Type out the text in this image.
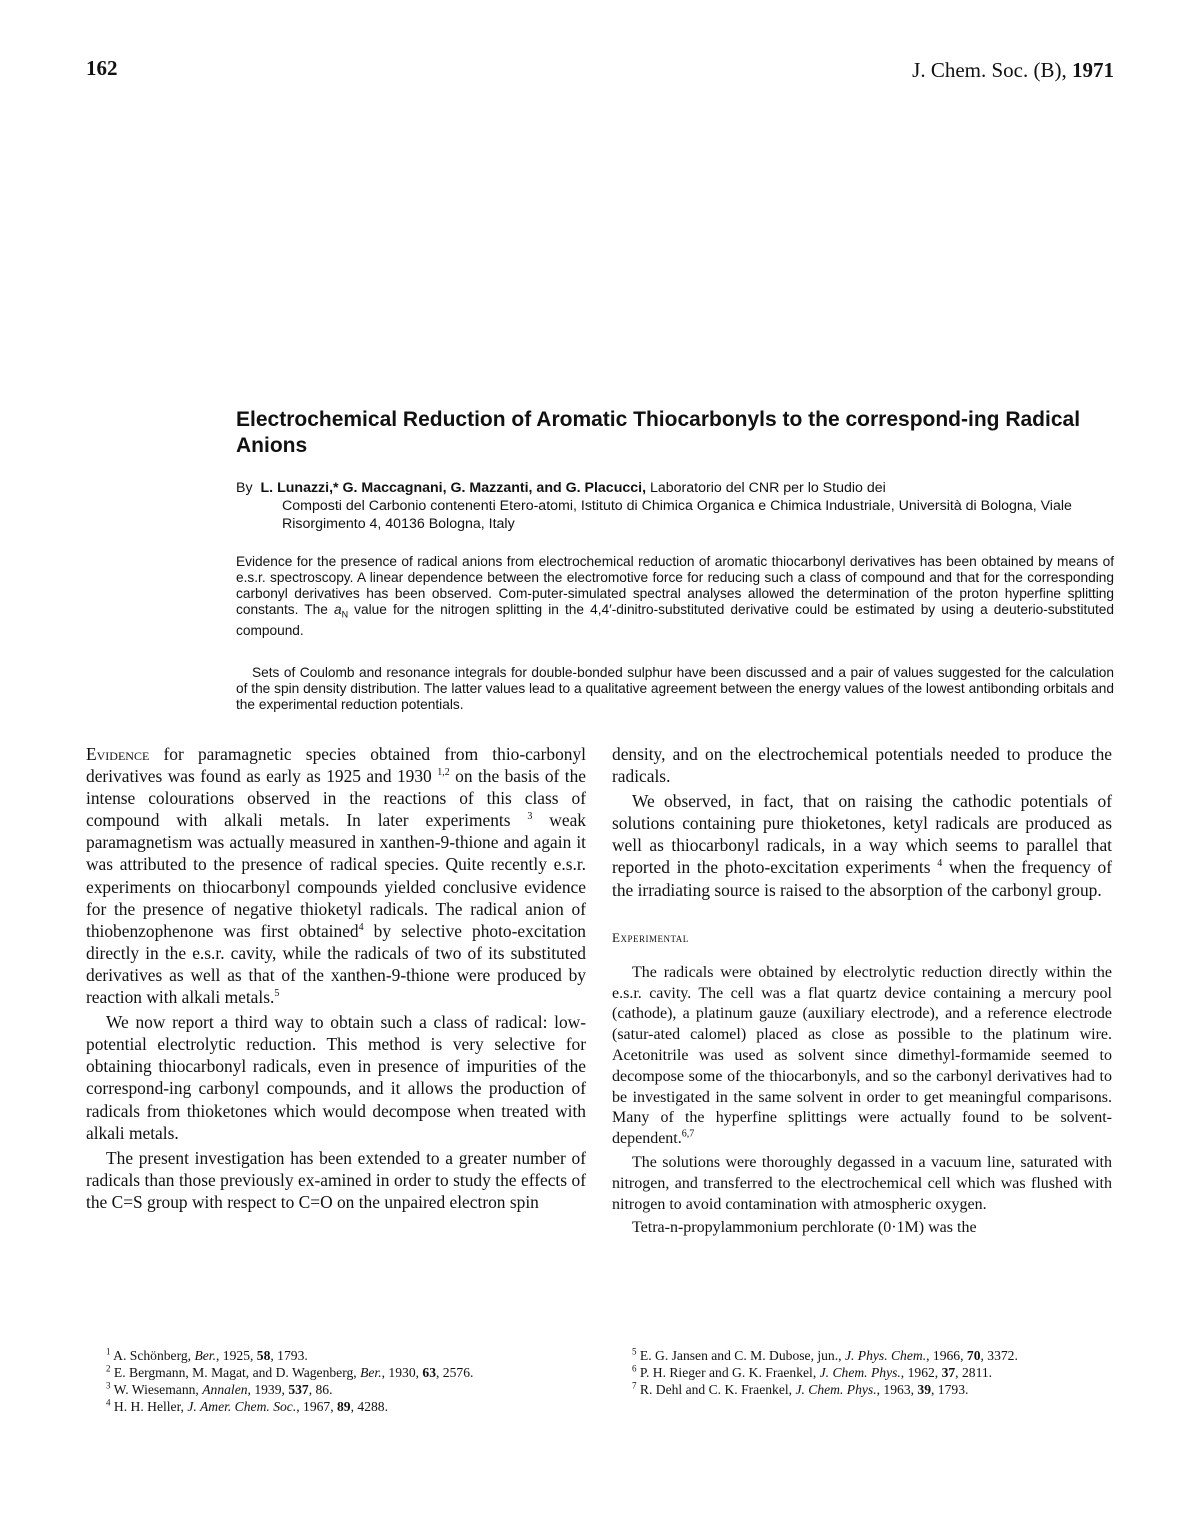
162	J. Chem. Soc. (B), 1971
Electrochemical Reduction of Aromatic Thiocarbonyls to the correspond-ing Radical Anions
By L. Lunazzi,* G. Maccagnani, G. Mazzanti, and G. Placucci, Laboratorio del CNR per lo Studio dei
Composti del Carbonio contenenti Etero-atomi, Istituto di Chimica Organica e Chimica Industriale, Università di Bologna, Viale Risorgimento 4, 40136 Bologna, Italy
Evidence for the presence of radical anions from electrochemical reduction of aromatic thiocarbonyl derivatives has been obtained by means of e.s.r. spectroscopy. A linear dependence between the electromotive force for reducing such a class of compound and that for the corresponding carbonyl derivatives has been observed. Com-puter-simulated spectral analyses allowed the determination of the proton hyperfine splitting constants. The $a_N$ value for the nitrogen splitting in the 4,4′-dinitro-substituted derivative could be estimated by using a deuterio-substituted compound.
Sets of Coulomb and resonance integrals for double-bonded sulphur have been discussed and a pair of values suggested for the calculation of the spin density distribution. The latter values lead to a qualitative agreement between the energy values of the lowest antibonding orbitals and the experimental reduction potentials.

Evidence for paramagnetic species obtained from thio-carbonyl derivatives was found as early as 1925 and 1930 $^{1,2}$ on the basis of the intense colourations observed in the reactions of this class of compound with alkali metals. In later experiments $^3$ weak paramagnetism was actually measured in xanthen-9-thione and again it was attributed to the presence of radical species. Quite recently e.s.r. experiments on thiocarbonyl compounds yielded conclusive evidence for the presence of negative thioketyl radicals. The radical anion of thiobenzophenone was first obtained$^4$ by selective photo-excitation directly in the e.s.r. cavity, while the radicals of two of its substituted derivatives as well as that of the xanthen-9-thione were produced by reaction with alkali metals.$^5$

We now report a third way to obtain such a class of radical: low-potential electrolytic reduction. This method is very selective for obtaining thiocarbonyl radicals, even in presence of impurities of the correspond-ing carbonyl compounds, and it allows the production of radicals from thioketones which would decompose when treated with alkali metals.

The present investigation has been extended to a greater number of radicals than those previously ex-amined in order to study the effects of the C=S group with respect to C=O on the unpaired electron spin

density, and on the electrochemical potentials needed to produce the radicals.

We observed, in fact, that on raising the cathodic potentials of solutions containing pure thioketones, ketyl radicals are produced as well as thiocarbonyl radicals, in a way which seems to parallel that reported in the photo-excitation experiments $^4$ when the frequency of the irradiating source is raised to the absorption of the carbonyl group.

Experimental

The radicals were obtained by electrolytic reduction directly within the e.s.r. cavity. The cell was a flat quartz device containing a mercury pool (cathode), a platinum gauze (auxiliary electrode), and a reference electrode (satur-ated calomel) placed as close as possible to the platinum wire. Acetonitrile was used as solvent since dimethyl-formamide seemed to decompose some of the thiocarbonyls, and so the carbonyl derivatives had to be investigated in the same solvent in order to get meaningful comparisons. Many of the hyperfine splittings were actually found to be solvent-dependent.$^{6,7}$

The solutions were thoroughly degassed in a vacuum line, saturated with nitrogen, and transferred to the electrochemical cell which was flushed with nitrogen to avoid contamination with atmospheric oxygen.

Tetra-n-propylammonium perchlorate (0·1M) was the

$^1$ A. Schönberg, Ber., 1925, 58, 1793.

$^2$ E. Bergmann, M. Magat, and D. Wagenberg, Ber., 1930, 63, 2576.

$^3$ W. Wiesemann, Annalen, 1939, 537, 86.

$^4$ H. H. Heller, J. Amer. Chem. Soc., 1967, 89, 4288.

$^5$ E. G. Jansen and C. M. Dubose, jun., J. Phys. Chem., 1966, 70, 3372.

$^6$ P. H. Rieger and G. K. Fraenkel, J. Chem. Phys., 1962, 37, 2811.

$^7$ R. Dehl and C. K. Fraenkel, J. Chem. Phys., 1963, 39, 1793.
